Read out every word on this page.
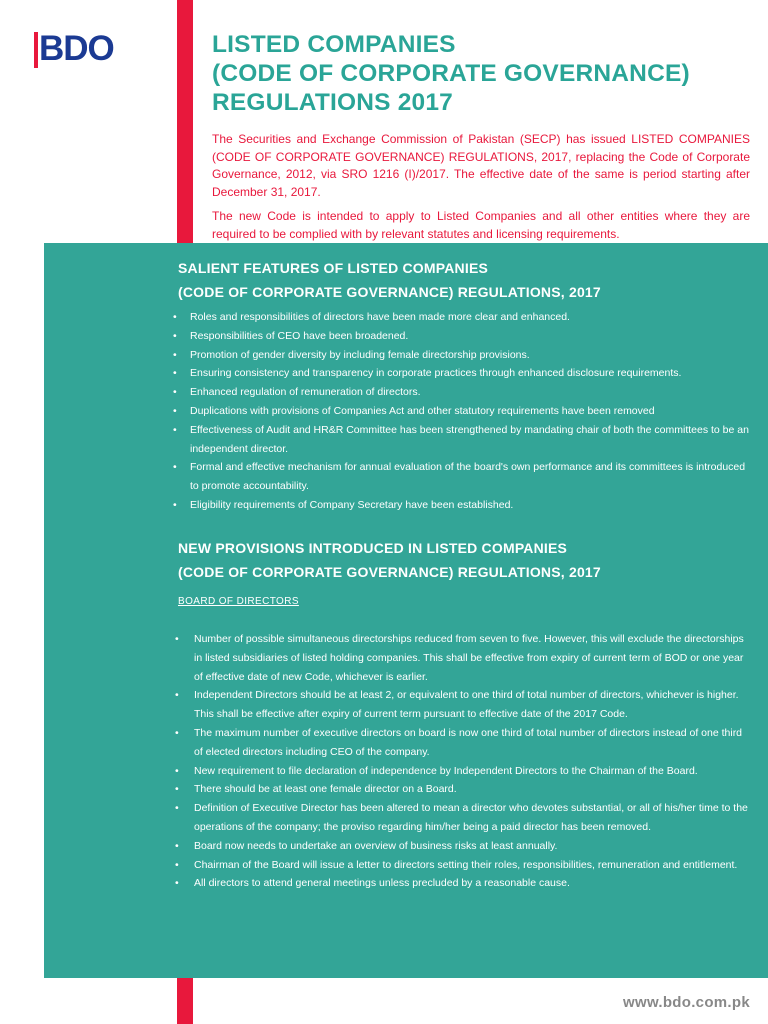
BDO	LISTED COMPANIES
(CODE OF CORPORATE GOVERNANCE)
REGULATIONS 2017

The Securities and Exchange Commission of Pakistan (SECP) has issued LISTED COMPANIES (CODE OF CORPORATE GOVERNANCE) REGULATIONS, 2017, replacing the Code of Corporate Governance, 2012, via SRO 1216 (I)/2017. The effective date of the same is period starting after December 31, 2017.

The new Code is intended to apply to Listed Companies and all other entities where they are required to be complied with by relevant statutes and licensing requirements.

SALIENT FEATURES OF LISTED COMPANIES
(CODE OF CORPORATE GOVERNANCE) REGULATIONS, 2017
• Roles and responsibilities of directors have been made more clear and enhanced.
• Responsibilities of CEO have been broadened.
• Promotion of gender diversity by including female directorship provisions.
• Ensuring consistency and transparency in corporate practices through enhanced disclosure requirements.
• Enhanced regulation of remuneration of directors.
• Duplications with provisions of Companies Act and other statutory requirements have been removed
• Effectiveness of Audit and HR&R Committee has been strengthened by mandating chair of both the committees to be an independent director.
• Formal and effective mechanism for annual evaluation of the board's own performance and its committees is introduced to promote accountability.
• Eligibility requirements of Company Secretary have been established.
NEW PROVISIONS INTRODUCED IN LISTED COMPANIES
(CODE OF CORPORATE GOVERNANCE) REGULATIONS, 2017
BOARD OF DIRECTORS
• Number of possible simultaneous directorships reduced from seven to five. However, this will exclude the directorships in listed subsidiaries of listed holding companies. This shall be effective from expiry of current term of BOD or one year of effective date of new Code, whichever is earlier.
• Independent Directors should be at least 2, or equivalent to one third of total number of directors, whichever is higher. This shall be effective after expiry of current term pursuant to effective date of the 2017 Code.
• The maximum number of executive directors on board is now one third of total number of directors instead of one third of elected directors including CEO of the company.
• New requirement to file declaration of independence by Independent Directors to the Chairman of the Board.
• There should be at least one female director on a Board.
• Definition of Executive Director has been altered to mean a director who devotes substantial, or all of his/her time to the operations of the company; the proviso regarding him/her being a paid director has been removed.
• Board now needs to undertake an overview of business risks at least annually.
• Chairman of the Board will issue a letter to directors setting their roles, responsibilities, remuneration and entitlement.
• All directors to attend general meetings unless precluded by a reasonable cause.
www.bdo.com.pk
